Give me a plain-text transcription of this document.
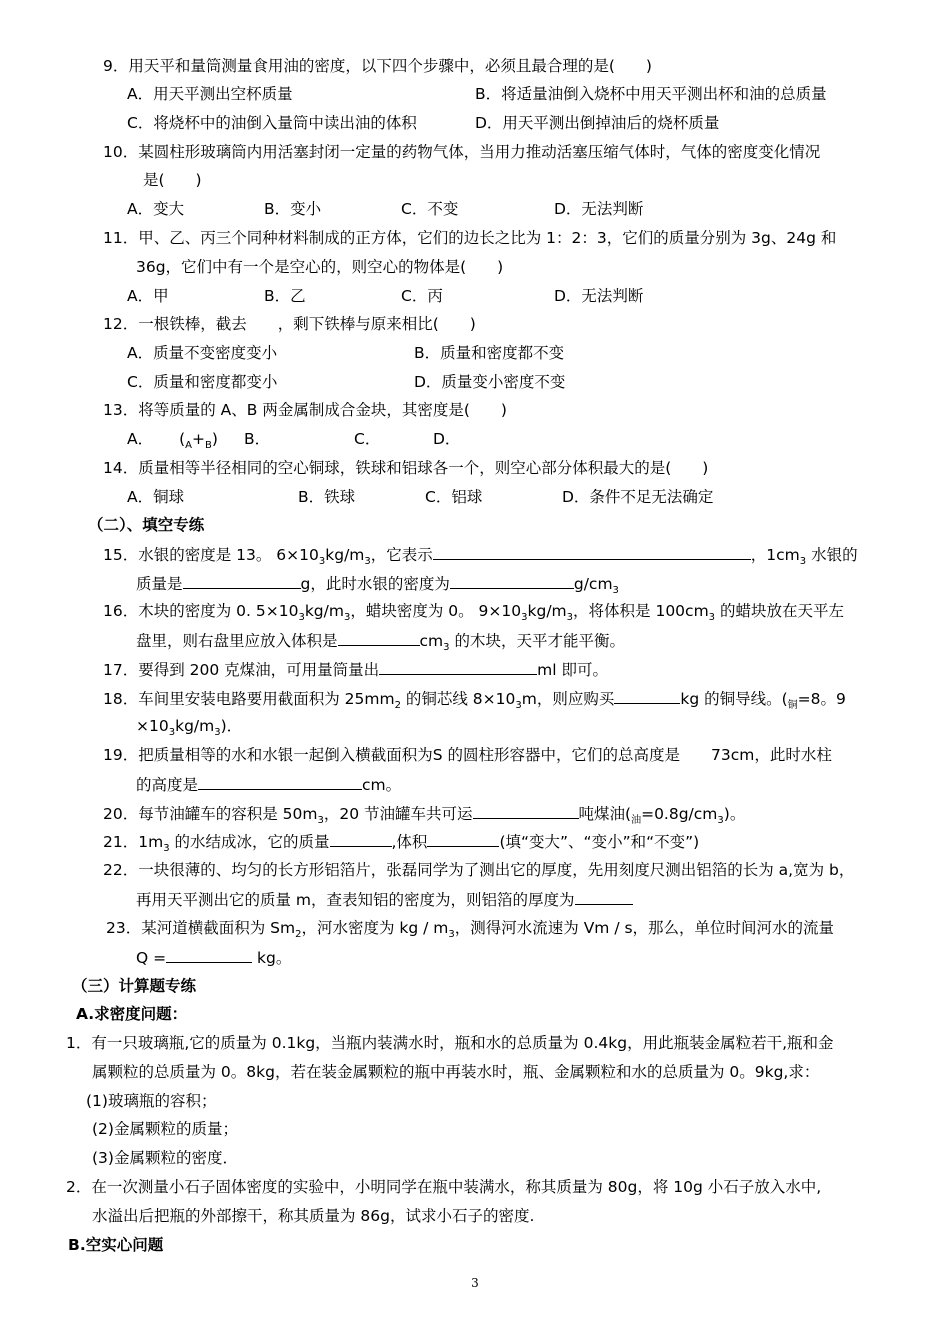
9．用天平和量筒测量食用油的密度，以下四个步骤中，必须且最合理的是(　　)
A．用天平测出空杯质量	B．将适量油倒入烧杯中用天平测出杯和油的总质量
C．将烧杯中的油倒入量筒中读出油的体积	D．用天平测出倒掉油后的烧杯质量
10．某圆柱形玻璃筒内用活塞封闭一定量的药物气体，当用力推动活塞压缩气体时，气体的密度变化情况
是(　　)
A．变大	B．变小	C．不变	D．无法判断
11．甲、乙、丙三个同种材料制成的正方体，它们的边长之比为 1：2：3，它们的质量分别为 3g、24g 和
36g，它们中有一个是空心的，则空心的物体是(　　)
A．甲	B．乙	C．丙	D．无法判断
12．一根铁棒，截去　　，剩下铁棒与原来相比(　　)
A．质量不变密度变小	B．质量和密度都不变
C．质量和密度都变小	D．质量变小密度不变
13．将等质量的 A、B 两金属制成合金块，其密度是(　　)
A． $(_A+_B)$ B．	C．	D．
14．质量相等半径相同的空心铜球，铁球和铝球各一个，则空心部分体积最大的是(　　)
A．铜球	B．铁球	C．铝球	D．条件不足无法确定
（二）、填空专练
15．水银的密度是 13。 $6\times 10_3kg/m_3$，它表示	，$1cm_3$ 水银的
质量是	g，此时水银的密度为	$g/cm_3$
16．木块的密度为 0. $5\times 10_3kg/m_3$，蜡块密度为 0。 $9\times 10_3kg/m_3$，将体积是 $100cm_3$ 的蜡块放在天平左
盘里，则右盘里应放入体积是	$cm_3$ 的木块，天平才能平衡。
17．要得到 200 克煤油，可用量筒量出	ml 即可。
18．车间里安装电路要用截面积为 $25mm_2$ 的铜芯线 $8\times 10_3m$，则应购买	kg 的铜导线。($_铜=8$。9
$\times 10_3kg/m_3$)．
19．把质量相等的水和水银一起倒入横截面积为S 的圆柱形容器中，它们的总高度是　　73cm，此时水柱
的高度是	cm。
20．每节油罐车的容积是 $50m_3$，20 节油罐车共可运	吨煤油$(_油=0.8g/cm_3)$。
21．$1m_3$ 的水结成冰，它的质量	,体积	(填“变大”、“变小”和“不变”)
22．一块很薄的、均匀的长方形铝箔片，张磊同学为了测出它的厚度，先用刻度尺测出铝箔的长为 a,宽为 b，
再用天平测出它的质量 m，查表知铝的密度为，则铝箔的厚度为
23．某河道横截面积为 $Sm_2$，河水密度为 kg / $m_3$，测得河水流速为 Vm / s，那么，单位时间河水的流量
Q =	kg。
（三）计算题专练
A.求密度问题：
1．有一只玻璃瓶,它的质量为 0.1kg，当瓶内装满水时，瓶和水的总质量为 0.4kg，用此瓶装金属粒若干,瓶和金
属颗粒的总质量为 0。8kg，若在装金属颗粒的瓶中再装水时，瓶、金属颗粒和水的总质量为 0。9kg,求：
(1)玻璃瓶的容积；
(2)金属颗粒的质量；
(3)金属颗粒的密度．
2．在一次测量小石子固体密度的实验中，小明同学在瓶中装满水，称其质量为 80g，将 10g 小石子放入水中,
水溢出后把瓶的外部擦干，称其质量为 86g，试求小石子的密度.
B.空实心问题
3
